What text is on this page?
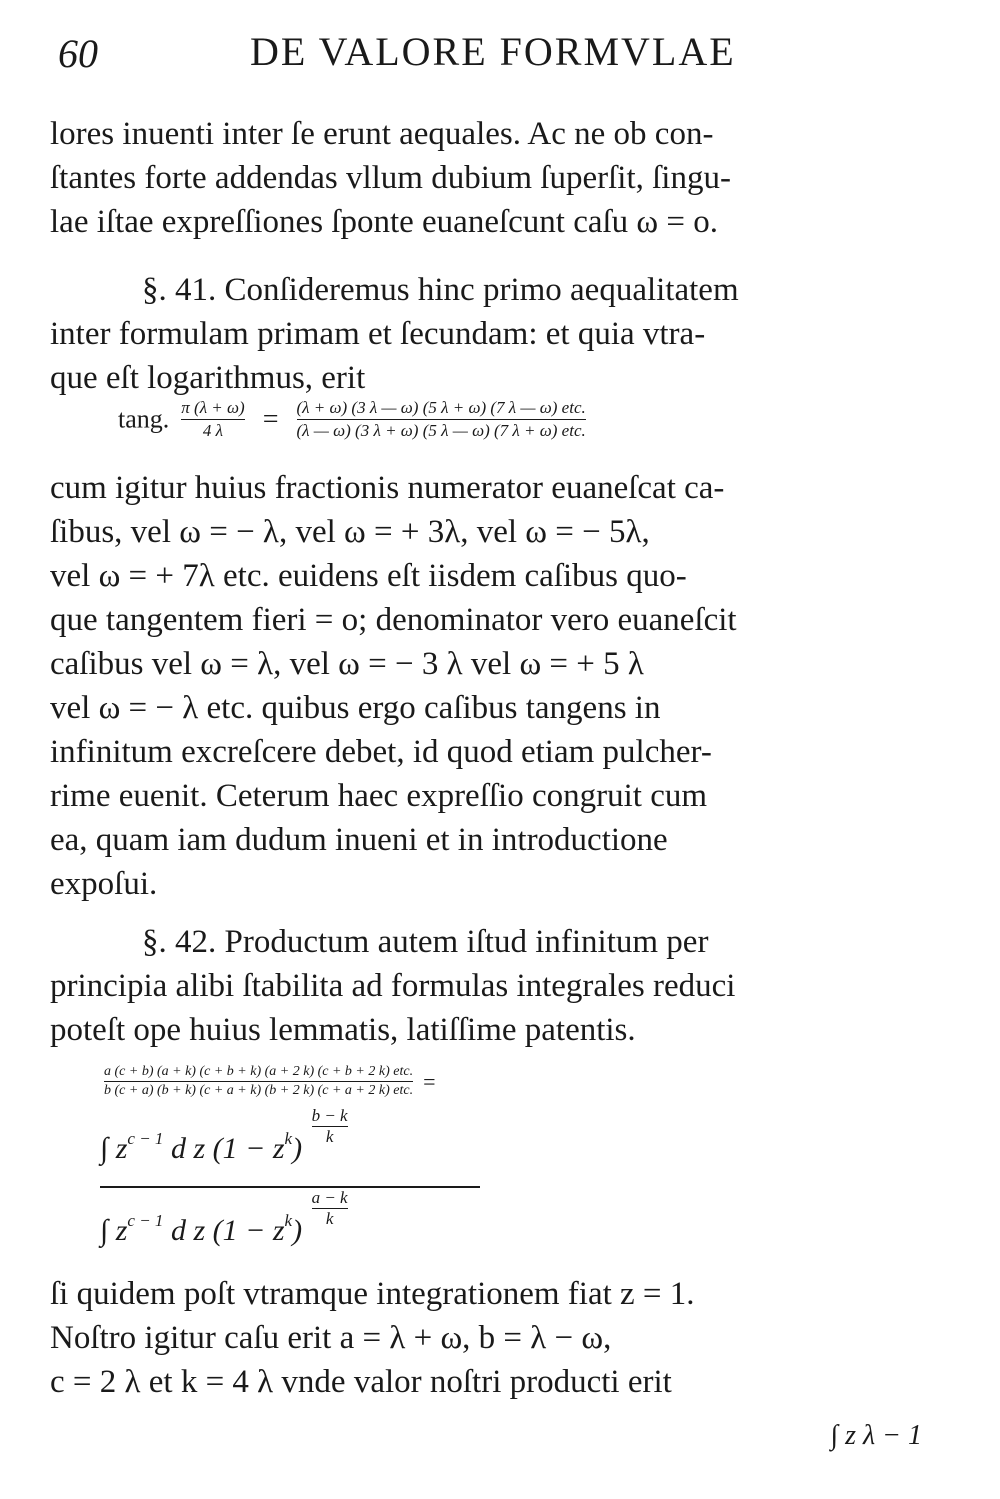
60	DE VALORE FORMVLAE
lores inuenti inter ſe erunt aequales. Ac ne ob con-
ſtantes forte addendas vllum dubium ſuperſit, ſingu-
lae iſtae expreſſiones ſponte euaneſcunt caſu ω = o.
§. 41. Conſideremus hinc primo aequalitatem
inter formulam primam et ſecundam: et quia vtra-
que eſt logarithmus, erit
tang. $\frac{\pi (\lambda + \omega)}{4 \lambda} = \frac{\text{(λ + ω) (3 λ — ω) (5 λ + ω) (7 λ — ω) etc.}}{\text{(λ — ω) (3 λ + ω) (5 λ — ω) (7 λ + ω) etc.}}$
cum igitur huius fractionis numerator euaneſcat ca-
ſibus, vel ω = − λ, vel ω = + 3λ, vel ω = − 5λ,
vel ω = + 7λ etc. euidens eſt iisdem caſibus quo-
que tangentem fieri = o; denominator vero euaneſcit
caſibus vel ω = λ, vel ω = − 3 λ vel ω = + 5 λ
vel ω = − λ etc. quibus ergo caſibus tangens in
infinitum excreſcere debet, id quod etiam pulcher-
rime euenit. Ceterum haec expreſſio congruit cum
ea, quam iam dudum inueni et in introductione
expoſui.
§. 42. Productum autem iſtud infinitum per
principia alibi ſtabilita ad formulas integrales reduci
poteſt ope huius lemmatis, latiſſime patentis.
$\frac{\text{a (c + b) (a + k) (c + b + k) (a + 2 k) (c + b + 2 k) etc.}}{\text{b (c + a) (b + k) (c + a + k) (b + 2 k) (c + a + 2 k) etc.}}$ =
∫ $z^{c - 1}$ d z $(1 - z^k)$
$\frac{b - k}{k}$
∫ $z^{c - 1}$ d z $(1 - z^k)$
$\frac{a - k}{k}$
ſi quidem poſt vtramque integrationem fiat z = 1.
Noſtro igitur caſu erit a = λ + ω, b = λ − ω,
c = 2 λ et k = 4 λ vnde valor noſtri producti erit
∫ z λ − 1
